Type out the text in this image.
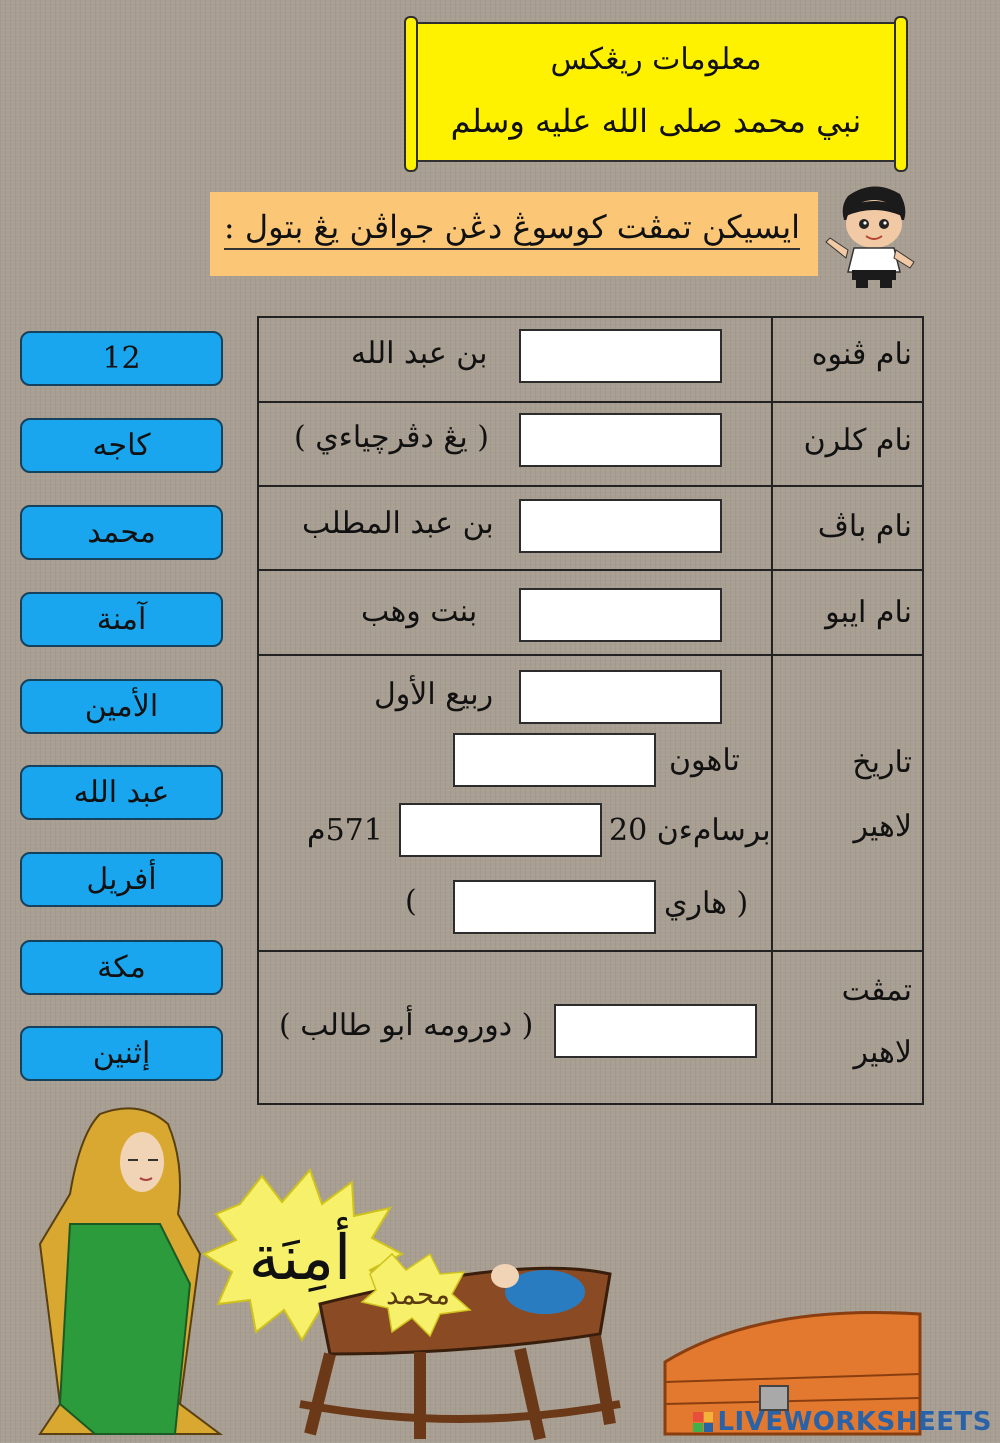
معلومات ريڠكس
نبي محمد صلى الله عليه وسلم
ايسيكن تمڤت كوسوڠ دڠن جواڤن يڠ بتول :
12
كاجه
محمد
آمنة
الأمين
عبد الله
أفريل
مكة
إثنين
نام ڤنوه
بن عبد الله
نام كلرن
( يڠ دڤرچياءي )
نام باڤ
بن عبد المطلب
نام ايبو
بنت وهب
تاريخ
لاهير
ربيع الأول
تاهون
برسامءن 20
571م
( هاري
)
تمڤت
لاهير
( دورومه أبو طالب )
أمِنَة
محمد
LIVEWORKSHEETS
